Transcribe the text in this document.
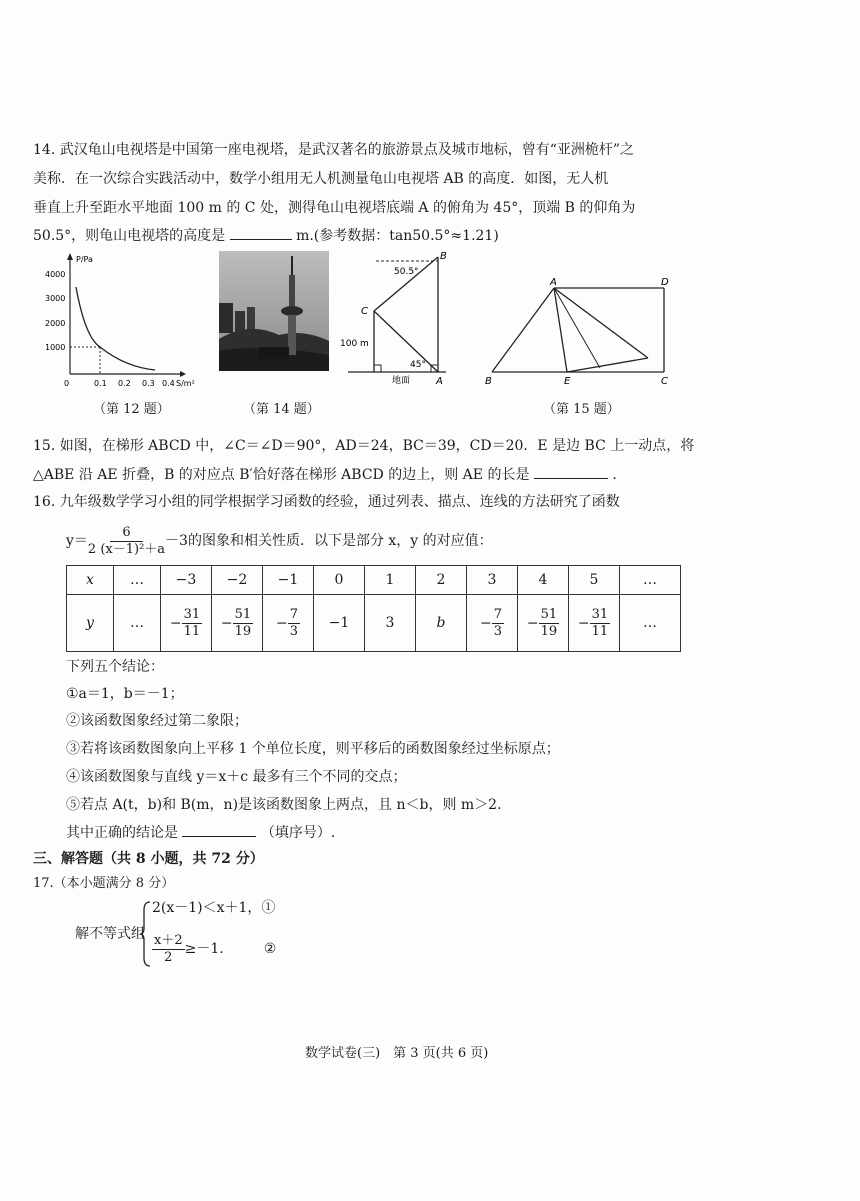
14. 武汉龟山电视塔是中国第一座电视塔，是武汉著名的旅游景点及城市地标，曾有“亚洲桅杆”之
美称．在一次综合实践活动中，数学小组用无人机测量龟山电视塔 AB 的高度．如图，无人机
垂直上升至距水平地面 100 m 的 C 处，测得龟山电视塔底端 A 的俯角为 45°，顶端 B 的仰角为
50.5°，则龟山电视塔的高度是	m.(参考数据：tan50.5°≈1.21)
P/Pa
4000
3000
2000
1000
0	0.1 0.2 0.3 0.4 S/m²
（第 12 题）	（第 14 题）
50.5°
B
C
100 m
45°
地面	A
A	D
B	E	C
（第 15 题）
15. 如图，在梯形 ABCD 中，∠C＝∠D＝90°，AD＝24，BC＝39，CD＝20．E 是边 BC 上一动点，将
△ABE 沿 AE 折叠，B 的对应点 B′恰好落在梯形 ABCD 的边上，则 AE 的长是	.
16. 九年级数学学习小组的同学根据学习函数的经验，通过列表、描点、连线的方法研究了函数
$y= \frac{6}{\text{2 (x－1)²＋a}} -3$的图象和相关性质．以下是部分 x，y 的对应值：
x	…	−3	−2	−1	0	1	2	3	4	5	…
y	…	− $\frac{31}{11}$	− $\frac{51}{19}$	− $\frac{7}{3}$	−1	3	b	− $\frac{7}{3}$	− $\frac{51}{19}$	− $\frac{31}{11}$	…
下列五个结论：
①a＝1，b＝－1；
②该函数图象经过第二象限；
③若将该函数图象向上平移 1 个单位长度，则平移后的函数图象经过坐标原点；
④该函数图象与直线 y＝x＋c 最多有三个不同的交点；
⑤若点 A(t，b)和 B(m，n)是该函数图象上两点，且 n＜b，则 m＞2.
其中正确的结论是	（填序号）.
三、解答题（共 8 小题，共 72 分）
17.（本小题满分 8 分）
解不等式组
2(x－1)＜x＋1，①
$\frac{x+2}{2} \ge-1$.	②
数学试卷(三)　第 3 页(共 6 页)
